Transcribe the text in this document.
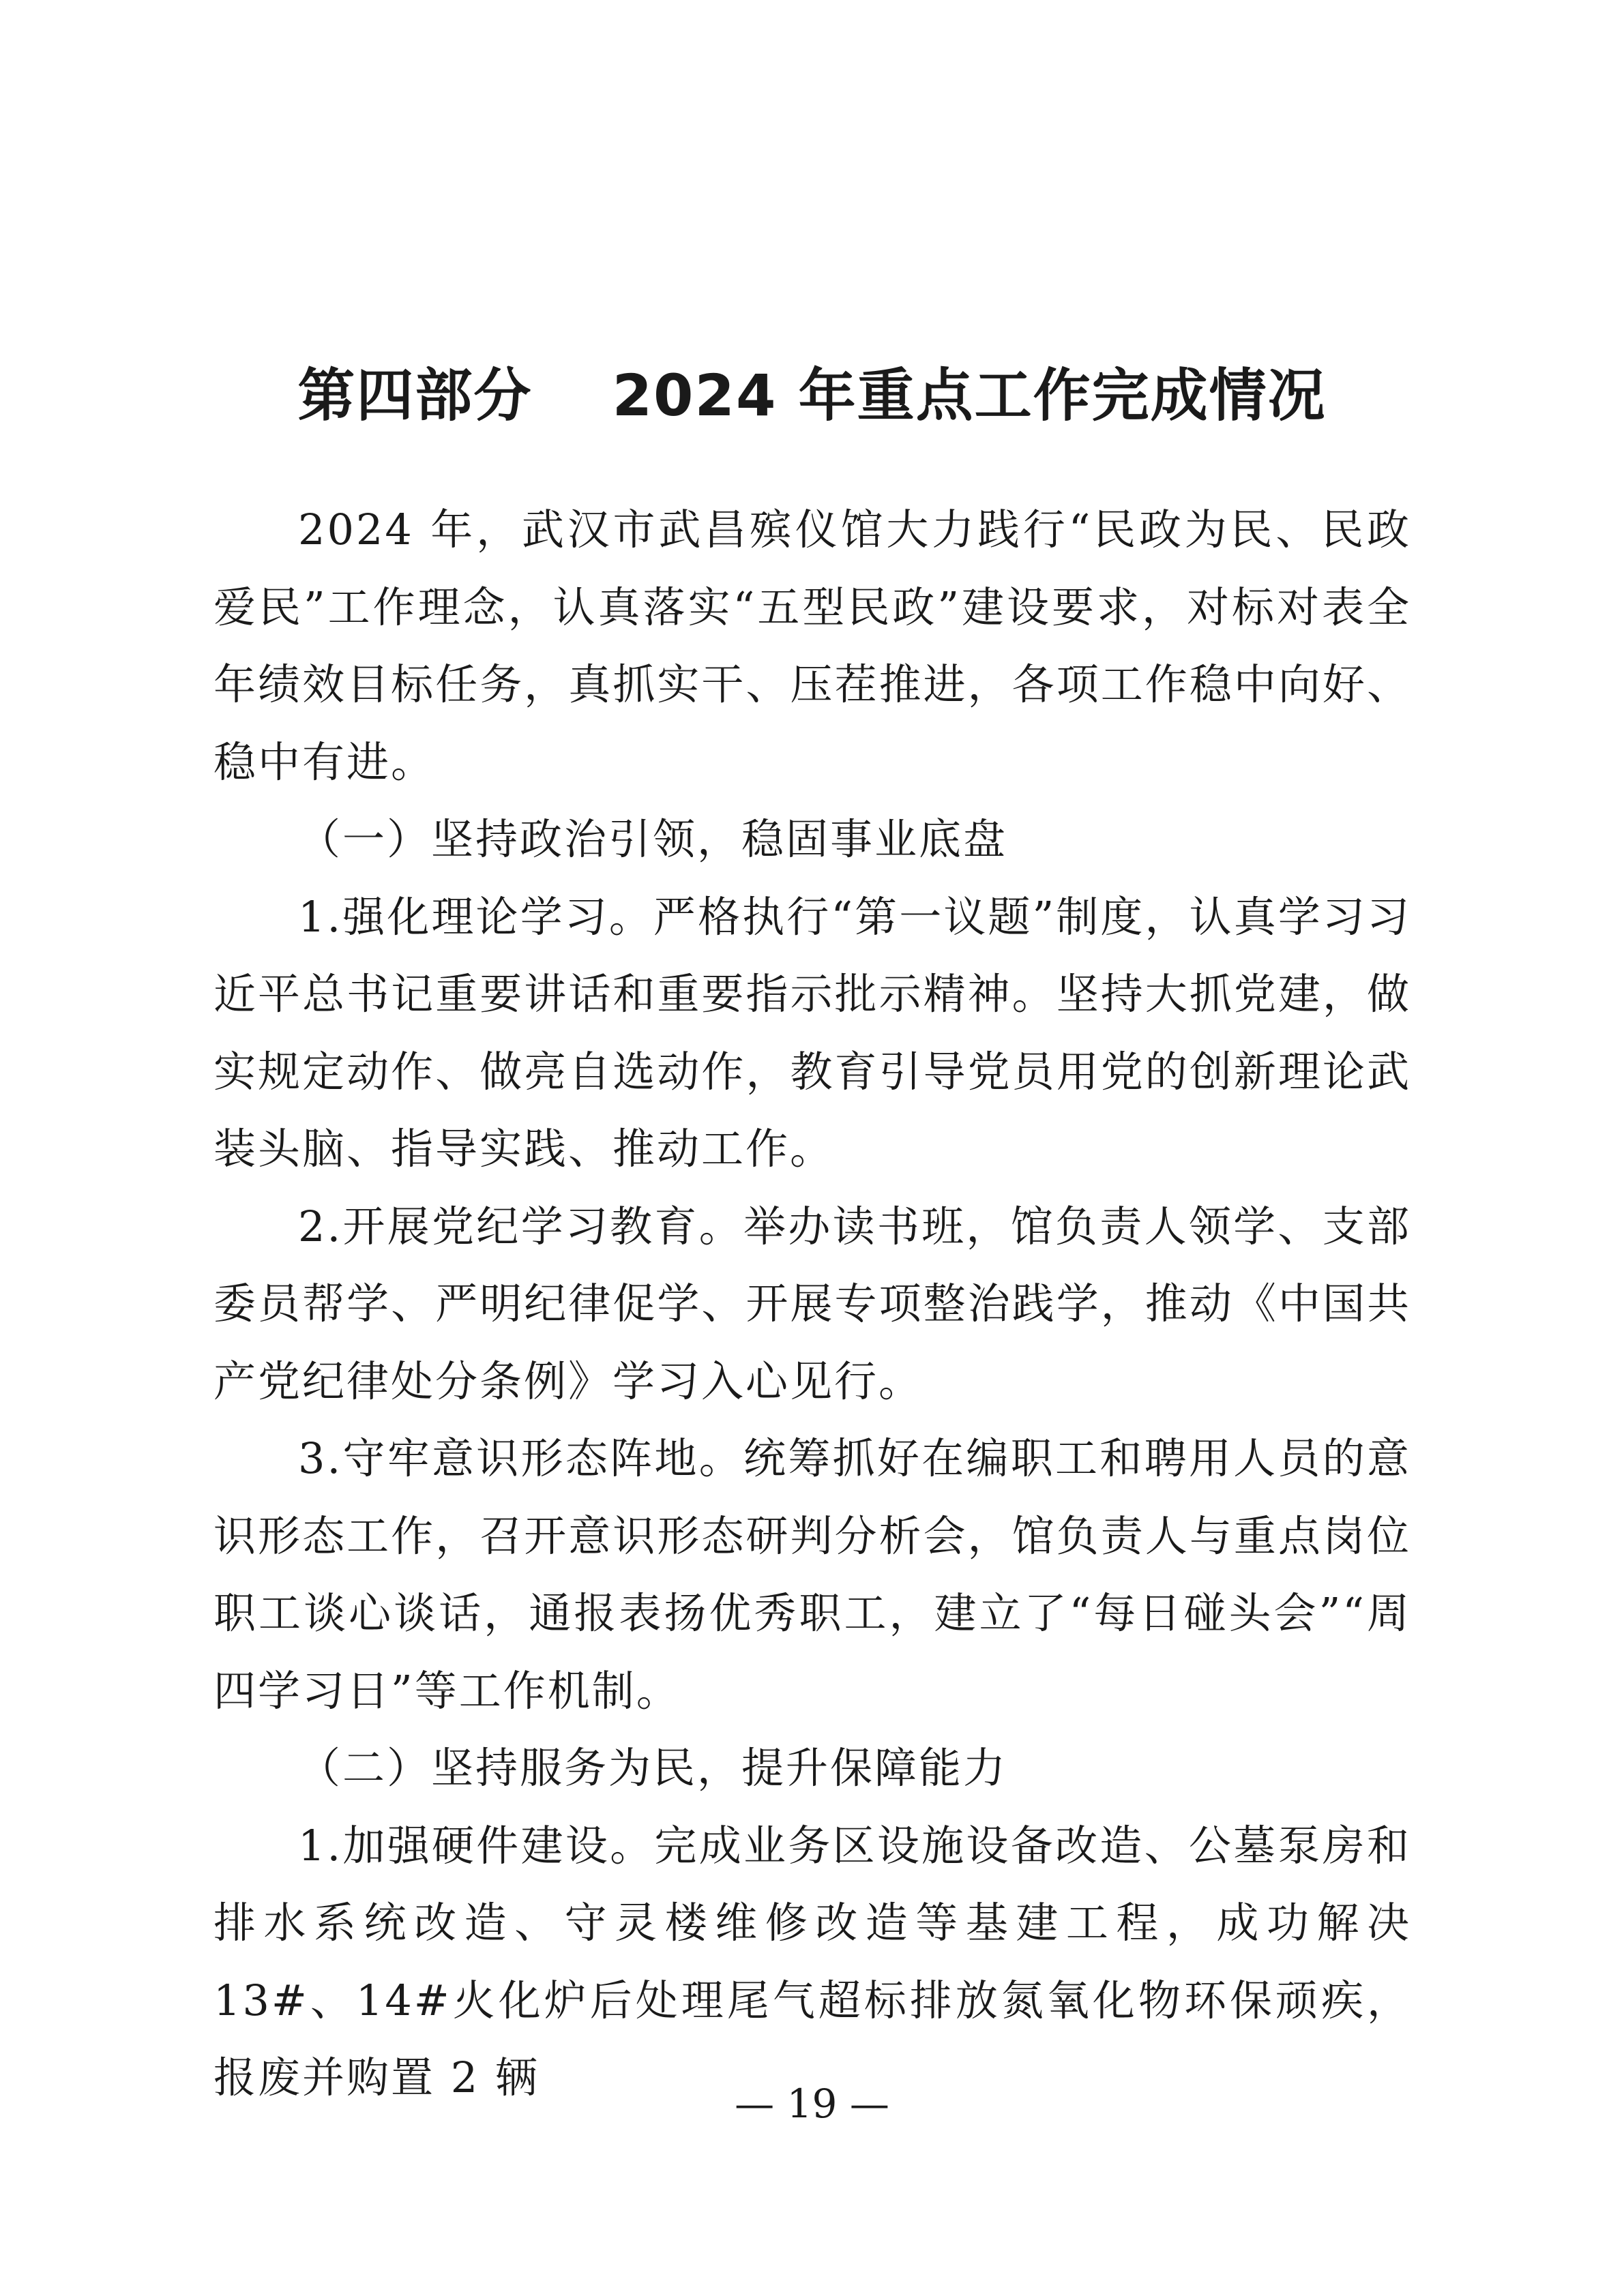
第四部分　 2024 年重点工作完成情况

2024 年，武汉市武昌殡仪馆大力践行“民政为民、民政爱民”工作理念，认真落实“五型民政”建设要求，对标对表全年绩效目标任务，真抓实干、压茬推进，各项工作稳中向好、稳中有进。

（一）坚持政治引领，稳固事业底盘

1.强化理论学习。严格执行“第一议题”制度，认真学习习近平总书记重要讲话和重要指示批示精神。坚持大抓党建，做实规定动作、做亮自选动作，教育引导党员用党的创新理论武装头脑、指导实践、推动工作。

2.开展党纪学习教育。举办读书班，馆负责人领学、支部委员帮学、严明纪律促学、开展专项整治践学，推动《中国共产党纪律处分条例》学习入心见行。

3.守牢意识形态阵地。统筹抓好在编职工和聘用人员的意识形态工作，召开意识形态研判分析会，馆负责人与重点岗位职工谈心谈话，通报表扬优秀职工，建立了“每日碰头会”“周四学习日”等工作机制。

（二）坚持服务为民，提升保障能力

1.加强硬件建设。完成业务区设施设备改造、公墓泵房和排水系统改造、守灵楼维修改造等基建工程，成功解决 13#、14#火化炉后处理尾气超标排放氮氧化物环保顽疾，报废并购置 2 辆

— 19 —
